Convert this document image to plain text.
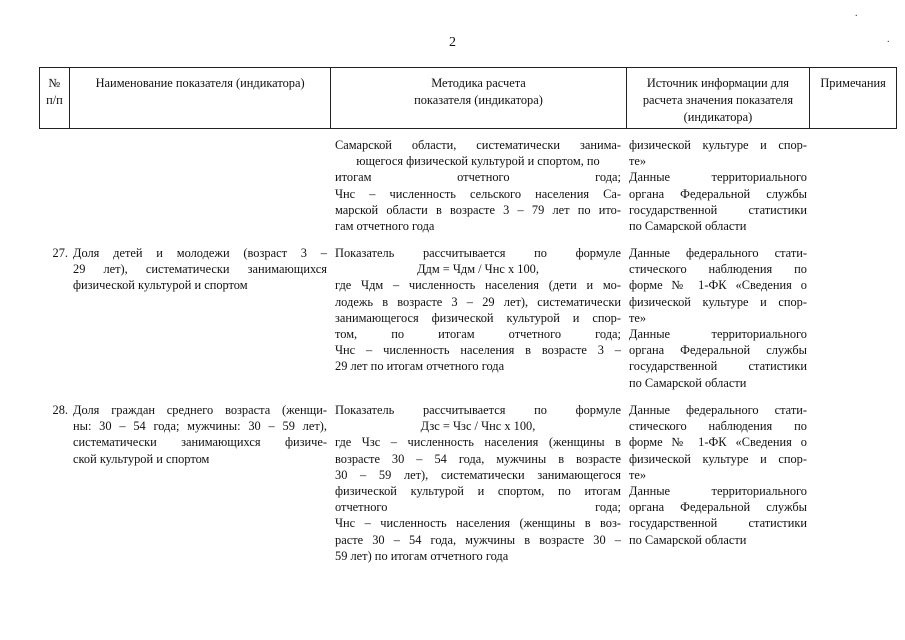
2
№
п/п
Наименование показателя (индикатора)	Методика расчета
показателя (индикатора)
Источник информации для
расчета значения показателя
(индикатора)
Примечания
Самарской области, систематически занима-
ющегося физической культурой и спортом, по
итогам отчетного года;
Чнс – численность сельского населения Са-
марской области в возрасте 3 – 79 лет по ито-
гам отчетного года
физической культуре и спор-
те»
Данные территориального
органа Федеральной службы
государственной статистики
по Самарской области
27. Доля детей и молодежи (возраст 3 –
29 лет), систематически занимающихся
физической культурой и спортом
Показатель рассчитывается по формуле
Ддм = Чдм / Чнс х 100,
где Чдм – численность населения (дети и мо-
лодежь в возрасте 3 – 29 лет), систематически
занимающегося физической культурой и спор-
том, по итогам отчетного года;
Чнс – численность населения в возрасте 3 –
29 лет по итогам отчетного года
Данные федерального стати-
стического наблюдения по
форме № 1-ФК «Сведения о
физической культуре и спор-
те»
Данные территориального
органа Федеральной службы
государственной статистики
по Самарской области
28. Доля граждан среднего возраста (женщи-
ны: 30 – 54 года; мужчины: 30 – 59 лет),
систематически занимающихся физиче-
ской культурой и спортом
Показатель рассчитывается по формуле
Дзс = Чзс / Чнс х 100,
где Чзс – численность населения (женщины в
возрасте 30 – 54 года, мужчины в возрасте
30 – 59 лет), систематически занимающегося
физической культурой и спортом, по итогам
отчетного года;
Чнс – численность населения (женщины в воз-
расте 30 – 54 года, мужчины в возрасте 30 –
59 лет) по итогам отчетного года
Данные федерального стати-
стического наблюдения по
форме № 1-ФК «Сведения о
физической культуре и спор-
те»
Данные территориального
органа Федеральной службы
государственной статистики
по Самарской области
.
.
